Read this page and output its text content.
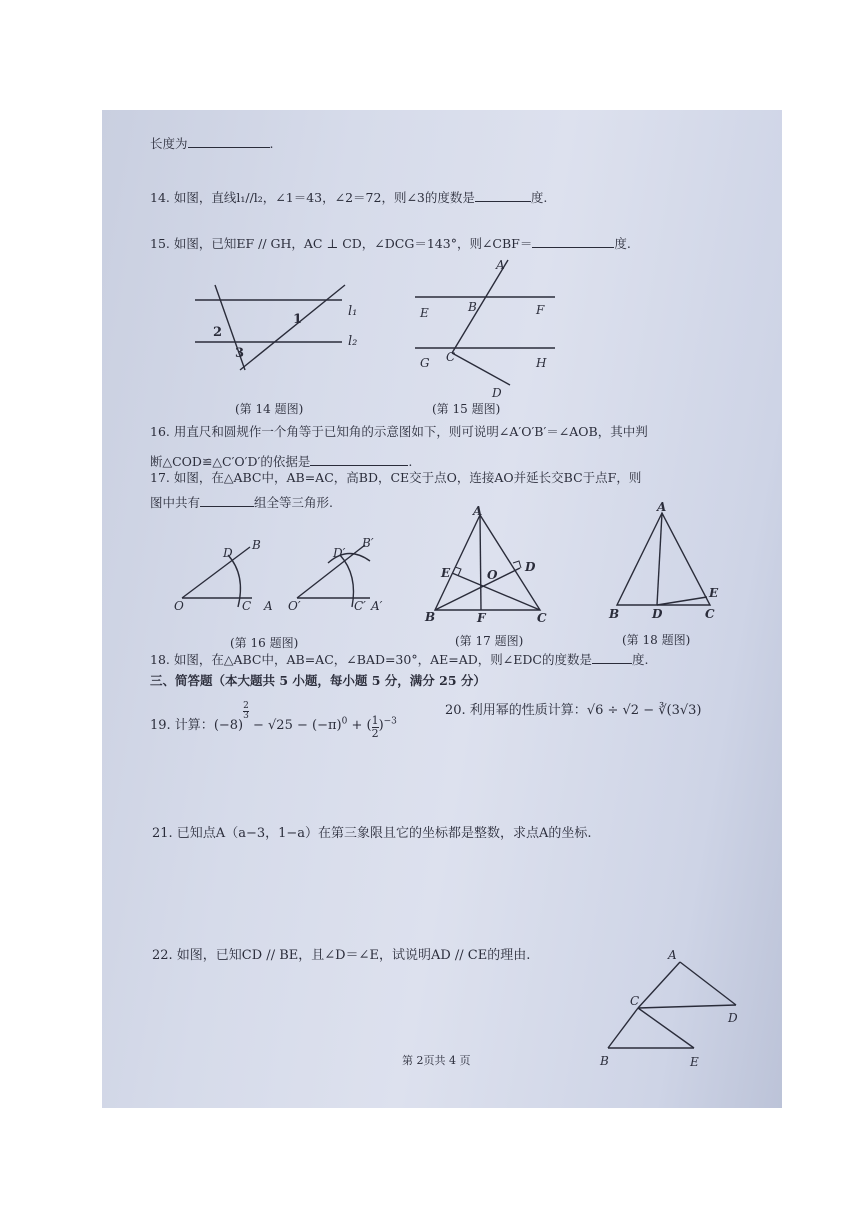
长度为	.
14. 如图，直线l₁//l₂，∠1＝43，∠2＝72，则∠3的度数是	度.
15. 如图，已知EF // GH，AC ⊥ CD，∠DCG＝143°，则∠CBF＝	度.
l₁
l₂
1
2
3
(第 14 题图)
A
B
C
D
E	F
G	H
(第 15 题图)
16. 用直尺和圆规作一个角等于已知角的示意图如下，则可说明∠A′O′B′＝∠AOB，其中判
断△COD≌△C′O′D′的依据是	.
17. 如图，在△ABC中，AB=AC，高BD，CE交于点O，连接AO并延长交BC于点F，则
图中共有	组全等三角形.
D
B
O	C A
D′
B′
O′	C′ A′
(第 16 题图)
A
E	D
O
B	F	C
(第 17 题图)
A
E
B	D	C
(第 18 题图)
18. 如图，在△ABC中，AB=AC，∠BAD=30°，AE=AD，则∠EDC的度数是	度.
三、简答题（本大题共 5 小题，每小题 5 分，满分 25 分）
19. 计算：(−8)
$\frac{2}{3}$
− $√25 - (-\pi)^0$ + ( $\frac{1}{2} )^{-3}$
20. 利用幂的性质计算：√6 ÷ √2 − ∛(3√3)
21. 已知点A（a−3，1−a）在第三象限且它的坐标都是整数，求点A的坐标.
22. 如图，已知CD // BE，且∠D＝∠E，试说明AD // CE的理由.	A
C
D
B	E
第 2页共 4 页
